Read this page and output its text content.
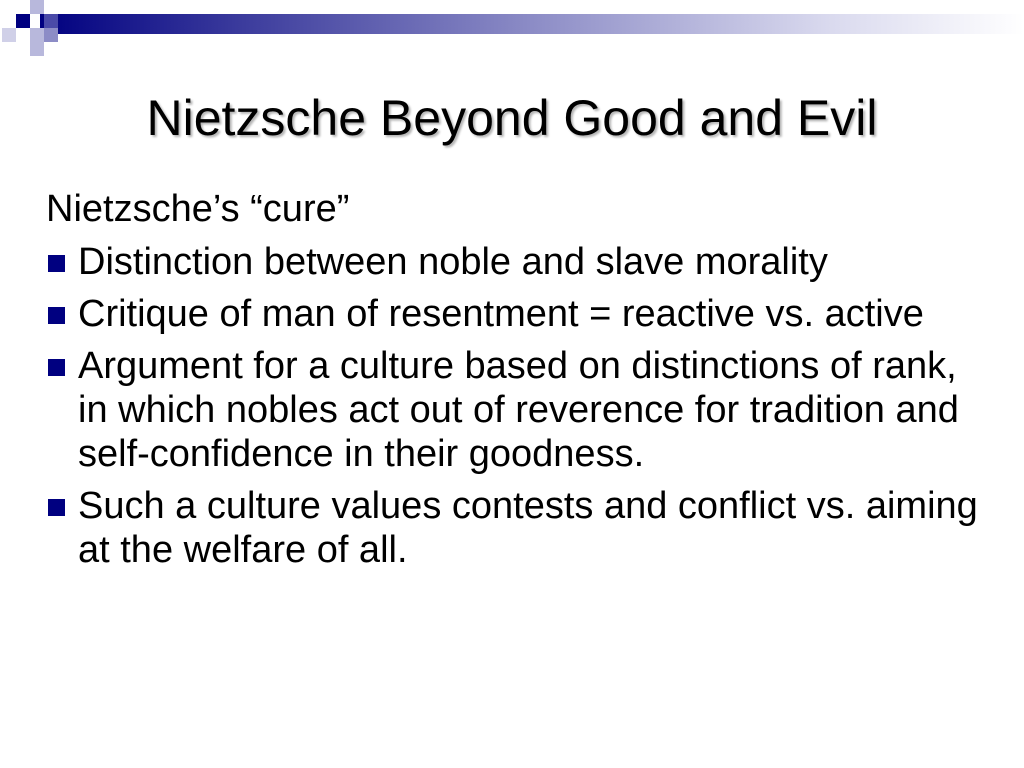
Nietzsche Beyond Good and Evil
Nietzsche’s “cure”
Distinction between noble and slave morality
Critique of man of resentment = reactive vs. active
Argument for a culture based on distinctions of rank, in which nobles act out of reverence for tradition and self-confidence in their goodness.
Such a culture values contests and conflict vs. aiming at the welfare of all.
